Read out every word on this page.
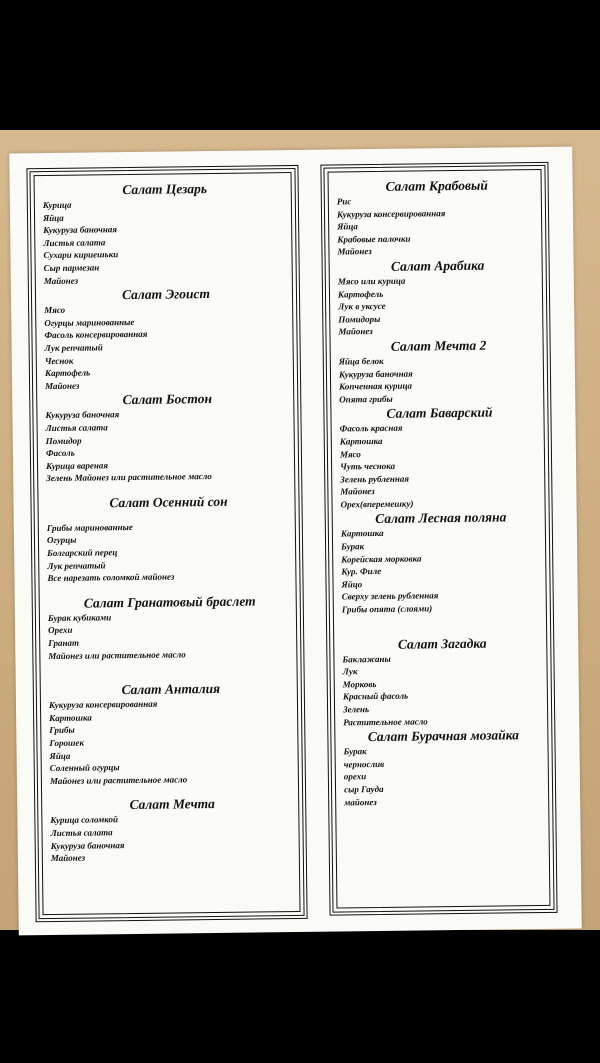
Салат Цезарь
Курица
Яйца
Кукуруза баночная
Листья салата
Сухари кириешьки
Сыр пармезан
Майонез
Салат Эгоист
Мясо
Огурцы маринованные
Фасоль консервированная
Лук репчатый
Чеснок
Картофель
Майонез
Салат Бостон
Кукуруза баночная
Листья салата
Помидор
Фасоль
Курица вареная
Зелень Майонез или растительное масло
Салат Осенний сон
Грибы маринованные
Огурцы
Болгарский перец
Лук репчатый
Все нарезать соломкой майонез
Салат Гранатовый браслет
Бурак кубиками
Орехи
Гранат
Майонез или растительное масло
Салат Анталия
Кукуруза консервированная
Картошка
Грибы
Горошек
Яйца
Соленный огурцы
Майонез или растительное масло
Салат Мечта
Курица соломкой
Листья салата
Кукуруза баночная
Майонез
Салат Крабовый
Рис
Кукуруза консервированная
Яйца
Крабовые палочки
Майонез
Салат Арабика
Мясо или курица
Картофель
Лук в уксусе
Помидоры
Майонез
Салат Мечта 2
Яйца белок
Кукуруза баночная
Копченная курица
Опята грибы
Салат Баварский
Фасоль красная
Картошка
Мясо
Чуть чеснока
Зелень рубленная
Майонез
Орех(вперемешку)
Салат Лесная поляна
Картошка
Бурак
Корейская морковка
Кур. Филе
Яйцо
Сверху зелень рубленная
Грибы опята (слоями)
Салат Загадка
Баклажаны
Лук
Морковь
Красный фасоль
Зелень
Растительное масло
Салат Бурачная мозайка
Бурак
чернослив
орехи
сыр Гауда
майонез
